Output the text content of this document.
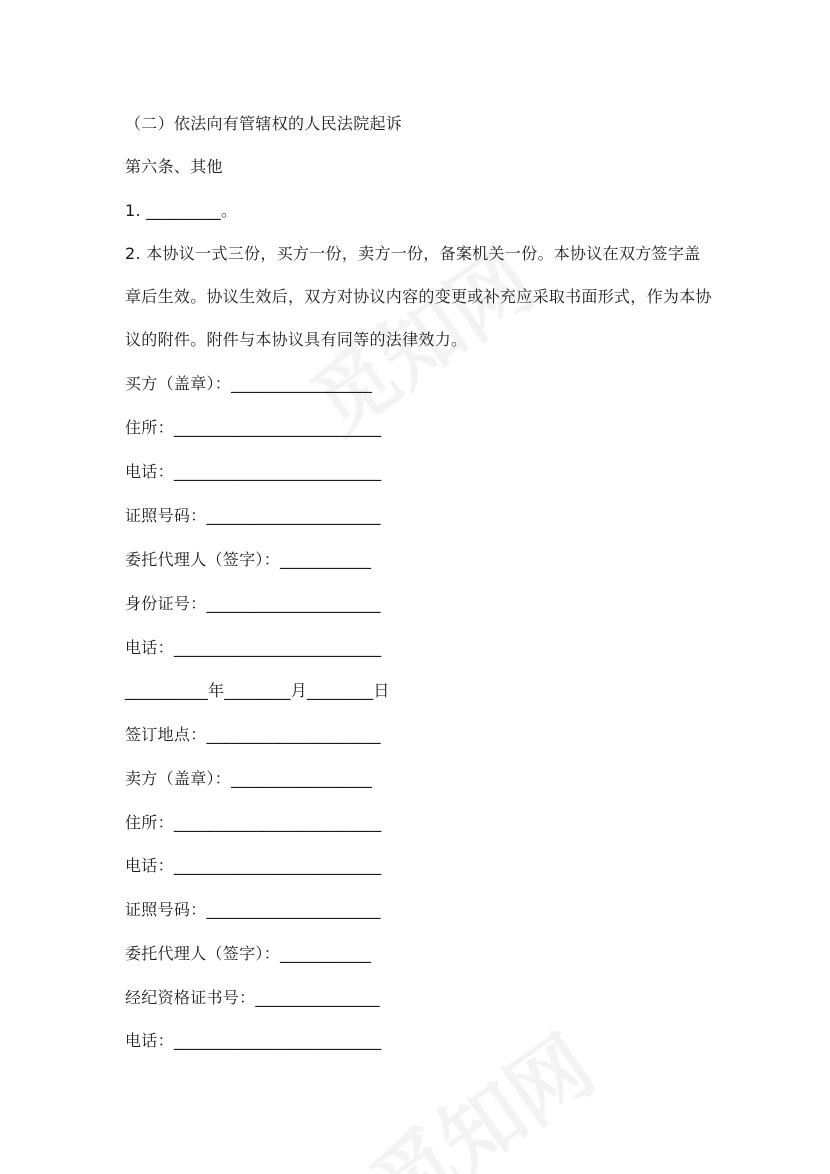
（二）依法向有管辖权的人民法院起诉
第六条、其他
1. _________。
2. 本协议一式三份，买方一份，卖方一份，备案机关一份。本协议在双方签字盖章后生效。协议生效后，双方对协议内容的变更或补充应采取书面形式，作为本协议的附件。附件与本协议具有同等的法律效力。
买方（盖章）：_________________
住所：_________________________
电话：_________________________
证照号码：_____________________
委托代理人（签字）：___________
身份证号：_____________________
电话：_________________________
__________年________月________日
签订地点：_____________________
卖方（盖章）：_________________
住所：_________________________
电话：_________________________
证照号码：_____________________
委托代理人（签字）：___________
经纪资格证书号：_______________
电话：_________________________
